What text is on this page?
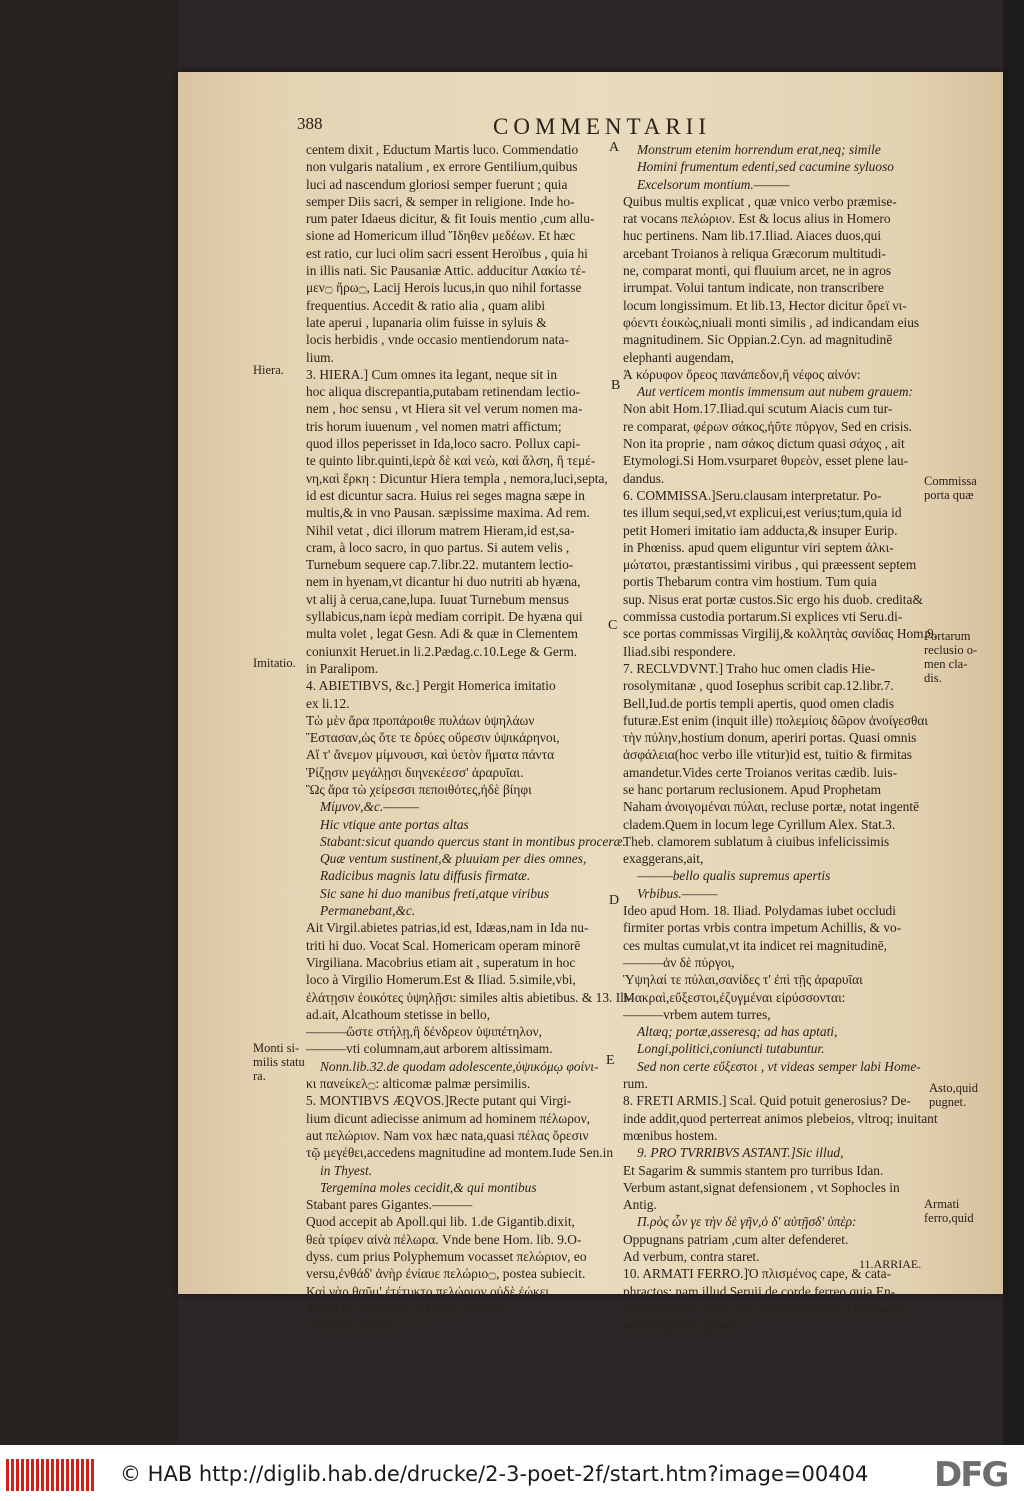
388	COMMENTARII

centem dixit , Eductum Martis luco. Commendatio

non vulgaris natalium , ex errore Gentilium,quibus

luci ad nascendum gloriosi semper fuerunt ; quia

semper Diis sacri, & semper in religione. Inde ho-

rum pater Idaeus dicitur, & fit Iouis mentio ,cum allu-

sione ad Homericum illud Ἴδηθεν μεδέων. Et hæc

est ratio, cur luci olim sacri essent Heroïbus , quia hi

in illis nati. Sic Pausaniæ Attic. adducitur Λακίω τέ-

μεν۝ ἥρω۝, Lacij Herois lucus,in quo nihil fortasse

frequentius. Accedit & ratio alia , quam alibi

late aperui , lupanaria olim fuisse in syluis &

locis herbidis , vnde occasio mentiendorum nata-

lium.

3. HIERA.] Cum omnes ita legant, neque sit in

hoc aliqua discrepantia,putabam retinendam lectio-

nem , hoc sensu , vt Hiera sit vel verum nomen ma-

tris horum iuuenum , vel nomen matri affictum;

quod illos peperisset in Ida,loco sacro. Pollux capi-

te quinto libr.quinti,ἱερὰ δὲ καὶ νεὼ, καὶ ἄλση, ἢ τεμέ-

νη,καὶ ἕρκη : Dicuntur Hiera templa , nemora,luci,septa,

id est dicuntur sacra. Huius rei seges magna sæpe in

multis,& in vno Pausan. sæpissime maxima. Ad rem.

Nihil vetat , dici illorum matrem Hieram,id est,sa-

cram, à loco sacro, in quo partus. Si autem velis ,

Turnebum sequere cap.7.libr.22. mutantem lectio-

nem in hyenam,vt dicantur hi duo nutriti ab hyæna,

vt alij à cerua,cane,lupa. Iuuat Turnebum mensus

syllabicus,nam ἱερὰ mediam corripit. De hyæna qui

multa volet , legat Gesn. Adi & quæ in Clementem

coniunxit Heruet.in li.2.Pædag.c.10.Lege & Germ.

in Paralipom.

4. ABIETIBVS, &c.] Pergit Homerica imitatio

ex li.12.

Τὼ μὲν ἄρα προπάροιθε πυλάων ὑψηλάων

Ἕστασαν,ὡς ὅτε τε δρύες οὔρεσιν ὑψικάρηνοι,

Αἵ τ' ἄνεμον μίμνουσι, καὶ ὑετὸν ἤματα πάντα

Ῥίζῃσιν μεγάλῃσι διηνεκέεσσ' ἀραρυῖαι.

Ὣς ἄρα τὼ χείρεσσι πεποιθότες,ἠδὲ βίηφι

Μίμνον,&c.———

Hic vtique ante portas altas

Stabant:sicut quando quercus stant in montibus proceræ.

Quæ ventum sustinent,& pluuiam per dies omnes,

Radicibus magnis latu diffusis firmatæ.

Sic sane hi duo manibus freti,atque viribus

Permanebant,&c.

Ait Virgil.abietes patrias,id est, Idæas,nam in Ida nu-

triti hi duo. Vocat Scal. Homericam operam minorē

Virgiliana. Macobrius etiam ait , superatum in hoc

loco à Virgilio Homerum.Est & Iliad. 5.simile,vbi,

ἐλάτῃσιν ἐοικότες ὑψηλῇσι: similes altis abietibus. & 13. Ili-

ad.ait, Alcathoum stetisse in bello,

———ὥστε στήλῃ,ἢ δένδρεον ὑψιπέτηλον,

———vti columnam,aut arborem altissimam.

Nonn.lib.32.de quodam adolescente,ὑψικόμῳ φοίνι-

κι πανείκελ۝: alticomæ palmæ persimilis.

5. MONTIBVS ÆQVOS.]Recte putant qui Virgi-

lium dicunt adiecisse animum ad hominem πέλωρον,

aut πελώριον. Nam vox hæc nata,quasi πέλας ὄρεσιν

τῷ μεγέθει,accedens magnitudine ad montem.Iude Sen.in

in Thyest.

Tergemina moles cecidit,& qui montibus

Stabant pares Gigantes.———

Quod accepit ab Apoll.qui lib. 1.de Gigantib.dixit,

θεὰ τρίφεν αἰνὰ πέλωρα. Vnde bene Hom. lib. 9.O-

dyss. cum prius Polyphemum vocasset πελώριον, eo

versu,ἐνθάδ' ἀνὴρ ἐνίαυε πελώριο۝, postea subiecit.

Καὶ γὰρ θαῦμ' ἐτέτυκτο πελώριον,οὐδὲ ἐῴκει

Ἀνδρί γε σιτοφάγῳ,ἀλλὰ ῥίῳ ὑλήεντι

Ὑψηλῶν ὀρέων.———

Monstrum etenim horrendum erat,neq; simile

Homini frumentum edenti,sed cacumine syluoso

Excelsorum montium.———

Quibus multis explicat , quæ vnico verbo præmise-

rat vocans πελώριον. Est & locus alius in Homero

huc pertinens. Nam lib.17.Iliad. Aiaces duos,qui

arcebant Troianos à reliqua Græcorum multitudi-

ne, comparat monti, qui fluuium arcet, ne in agros

irrumpat. Volui tantum indicate, non transcribere

locum longissimum. Et lib.13, Hector dicitur ὄρεϊ νι-

φόεντι ἐοικὼς,niuali monti similis , ad indicandam eius

magnitudinem. Sic Oppian.2.Cyn. ad magnitudinē

elephanti augendam,

Ἀ κόρυφον ὄρεος πανάπεδον,ἢ νέφος αἰνόν:

Aut verticem montis immensum aut nubem grauem:

Non abit Hom.17.Iliad.qui scutum Aiacis cum tur-

re comparat, φέρων σάκος,ἠΰτε πύργον, Sed en crisis.

Non ita proprie , nam σάκος dictum quasi σάχος , ait

Etymologi.Si Hom.vsurparet θυρεὸν, esset plene lau-

dandus.

6. COMMISSA.]Seru.clausam interpretatur. Po-

tes illum sequi,sed,vt explicui,est verius;tum,quia id

petit Homeri imitatio iam adducta,& insuper Eurip.

in Phœniss. apud quem eliguntur viri septem ἀλκι-

μώτατοι, præstantissimi viribus , qui præessent septem

portis Thebarum contra vim hostium. Tum quia

sup. Nisus erat portæ custos.Sic ergo his duob. credita&

commissa custodia portarum.Si explices vti Seru.di-

sce portas commissas Virgilij,& κολλητὰς σανίδας Hom.9.

Iliad.sibi respondere.

7. RECLVDVNT.] Traho huc omen cladis Hie-

rosolymitanæ , quod Iosephus scribit cap.12.libr.7.

Bell,Iud.de portis templi apertis, quod omen cladis

futuræ.Est enim (inquit ille) πολεμίοις δῶρον ἀνοίγεσθαι

τὴν πύλην,hostium donum, aperiri portas. Quasi omnis

ἀσφάλεια(hoc verbo ille vtitur)id est, tuitio & firmitas

amandetur.Vides certe Troianos veritas cædib. luis-

se hanc portarum reclusionem. Apud Prophetam

Naham ἀνοιγομέναι πύλαι, recluse portæ, notat ingentē

cladem.Quem in locum lege Cyrillum Alex. Stat.3.

Theb. clamorem sublatum à ciuibus infelicissimis

exaggerans,ait,

———bello qualis supremus apertis

Vrbibus.———

Ideo apud Hom. 18. Iliad. Polydamas iubet occludi

firmiter portas vrbis contra impetum Achillis, & vo-

ces multas cumulat,vt ita indicet rei magnitudinē,

———ἀν δὲ πύργοι,

Ὑψηλαί τε πύλαι,σανίδες τ' ἐπὶ τῇς ἀραρυῖαι

Μακραὶ,εὔξεστοι,ἐζυγμέναι εἰρύσσονται:

———vrbem autem turres,

Altæq; portæ,asseresq; ad has aptati,

Longi,politici,coniuncti tutabuntur.

Sed non certe εὔξεστοι , vt videas semper labi Home-

rum.

8. FRETI ARMIS.] Scal. Quid potuit generosius? De-

inde addit,quod perterreat animos plebeios, vltroq; inuitant

mœnibus hostem.

9. PRO TVRRIBVS ASTANT.]Sic illud,

Et Sagarim & summis stantem pro turribus Idan.

Verbum astant,signat defensionem , vt Sophocles in

Antig.

Π.ρὸς ὧν γε τὴν δὲ γῆν,ὁ δ' αὐτῇσδ' ὑπὲρ:

Oppugnans patriam ,cum alter defenderet.

Ad verbum, contra staret.

10. ARMATI FERRO.]Ὁ πλισμένος cape, & cata-

phractos; nam illud Seruij de corde ferreo,quia En-

nius,succincti corda ma. heris,non placet. Hom.sæpe,

κεκορυθμένο۝ χαλκῷ.

Hiera.

Imitatio.

Monti si-

milis statu

ra.

Commissa

porta quæ

Portarum

reclusio o-

men cla-

dis.

Asto,quid

pugnet.

Armati

ferro,quid

A
B
C
D
E
11.ARRIAE.
© HAB http://diglib.hab.de/drucke/2-3-poet-2f/start.htm?image=00404 DFG
